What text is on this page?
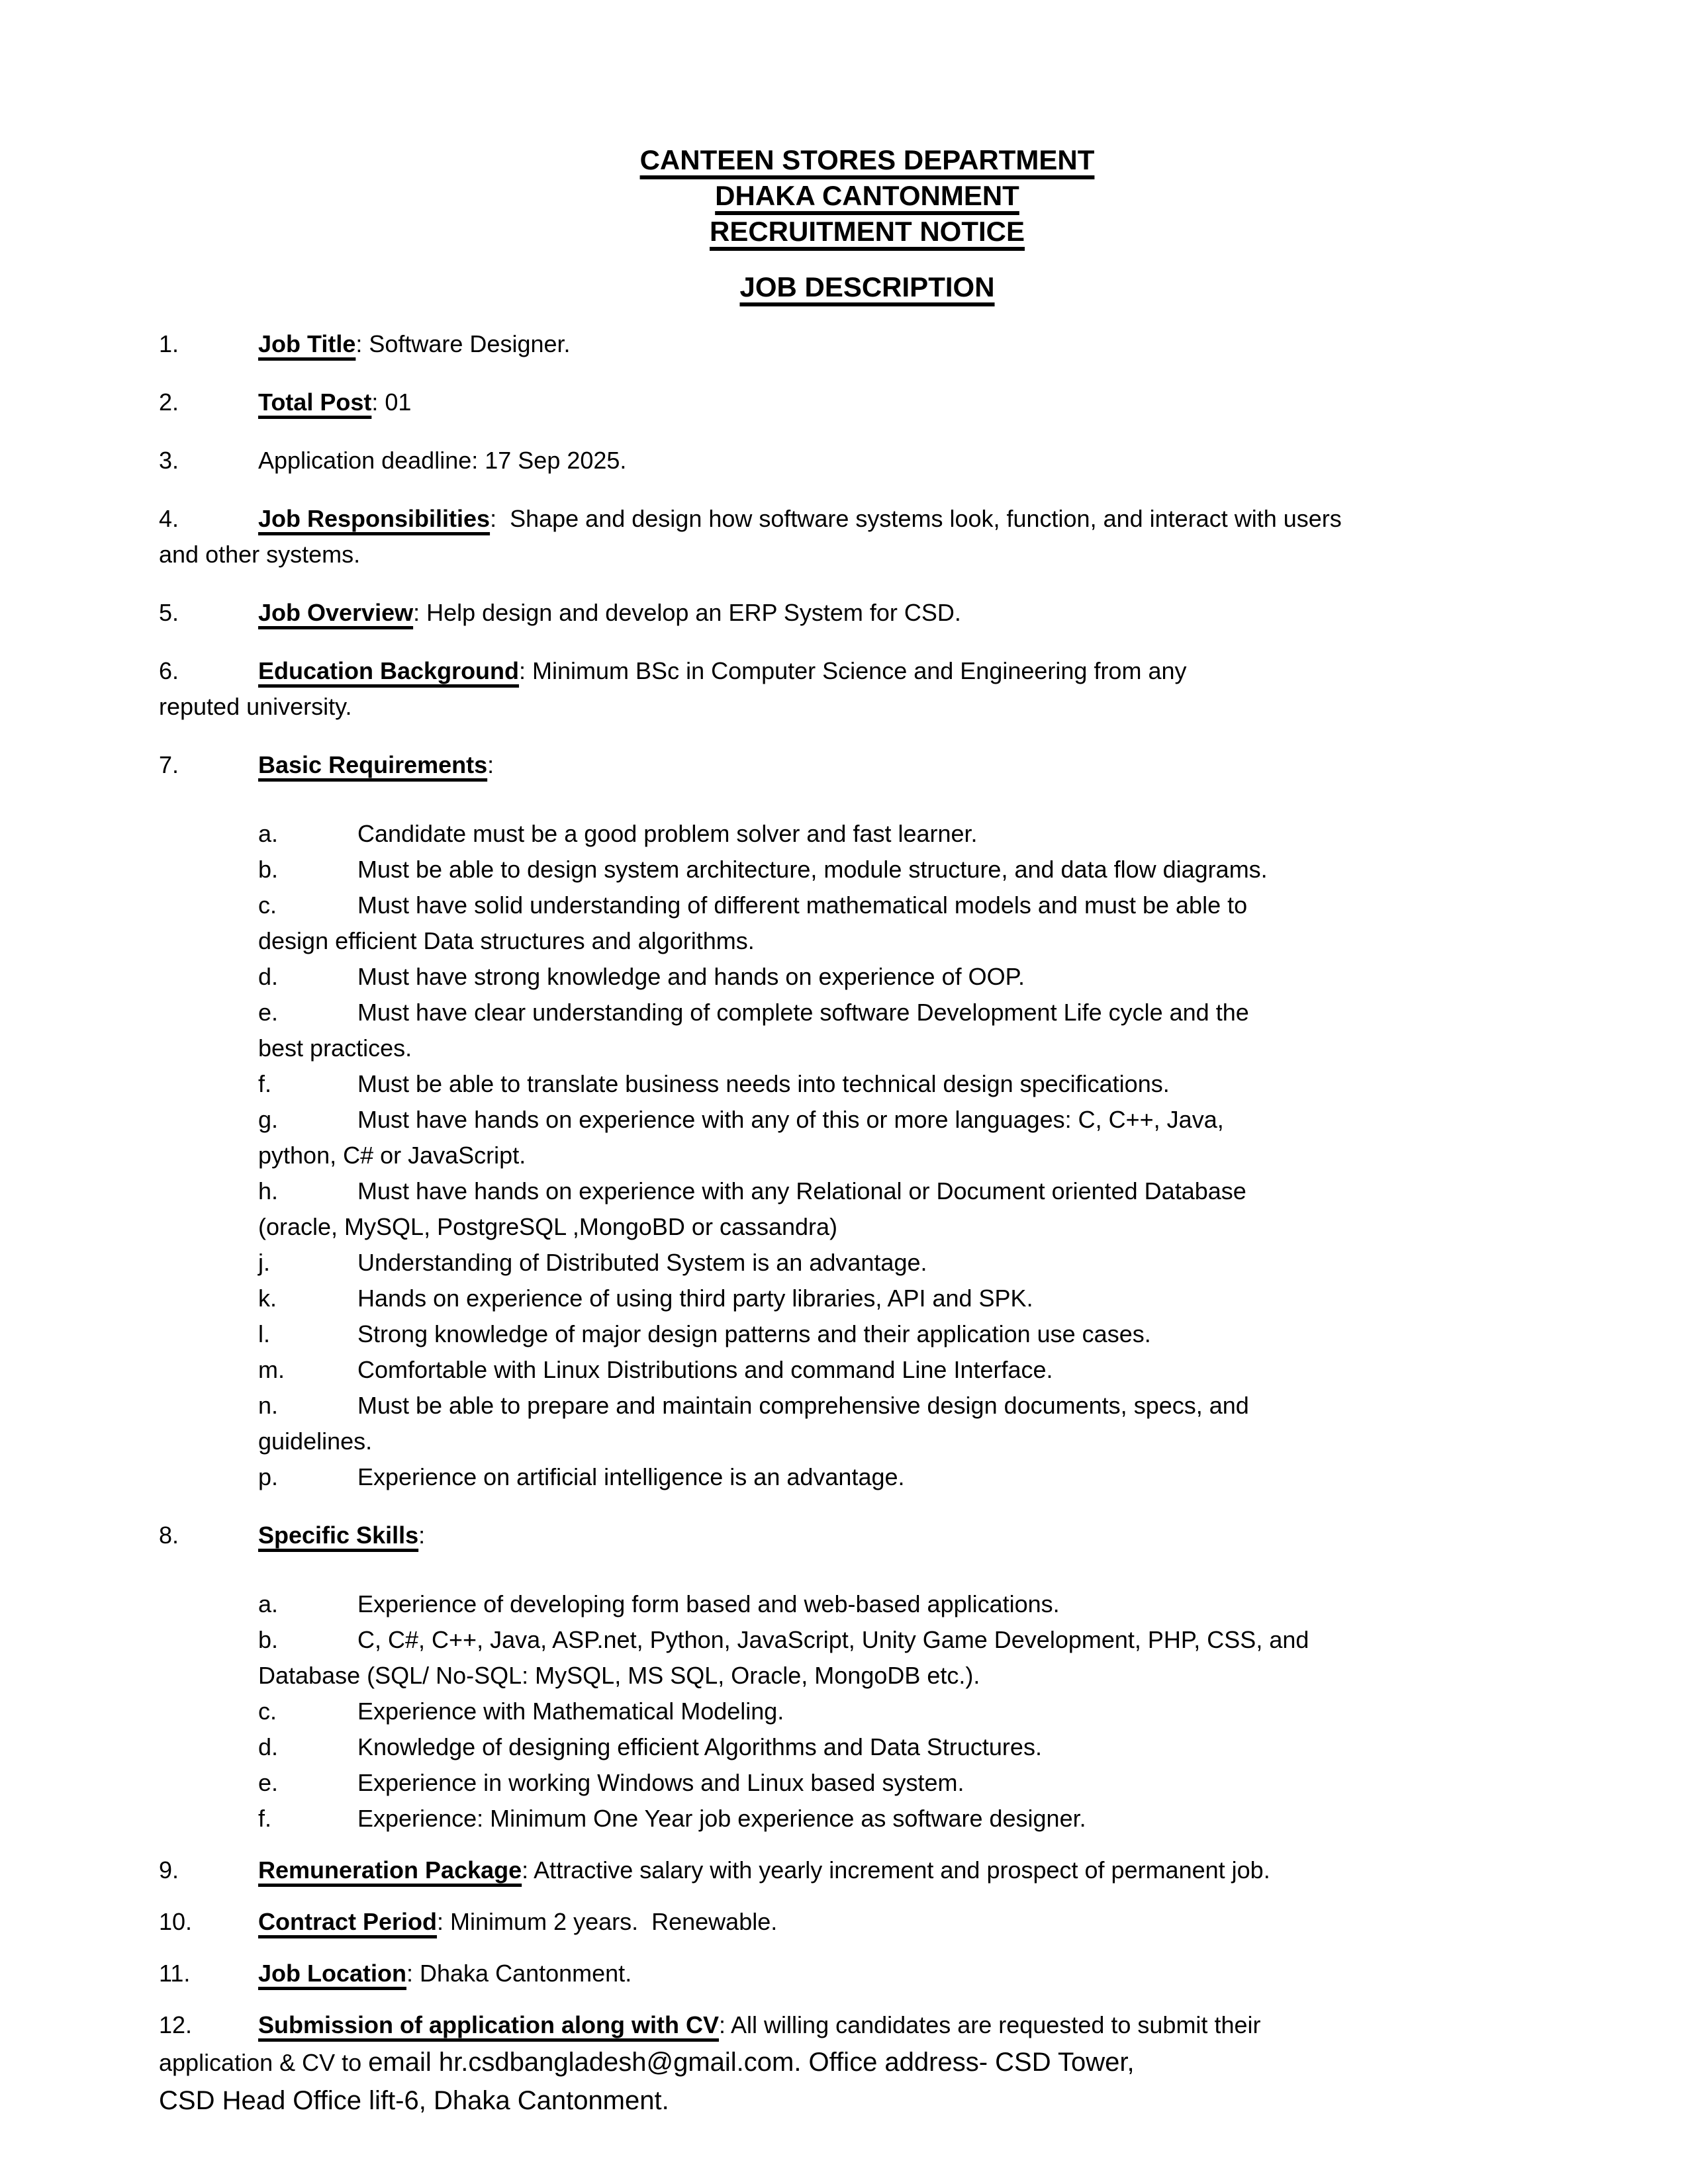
CANTEEN STORES DEPARTMENT
DHAKA CANTONMENT
RECRUITMENT NOTICE
JOB DESCRIPTION
1.	Job Title: Software Designer.
2.	Total Post: 01
3.	Application deadline: 17 Sep 2025.
4.	Job Responsibilities:  Shape and design how software systems look, function, and interact with users
and other systems.
5.	Job Overview: Help design and develop an ERP System for CSD.
6.	Education Background: Minimum BSc in Computer Science and Engineering from any
reputed university.
7.	Basic Requirements:
a.	Candidate must be a good problem solver and fast learner.
b.	Must be able to design system architecture, module structure, and data flow diagrams.
c.	Must have solid understanding of different mathematical models and must be able to
design efficient Data structures and algorithms.
d.	Must have strong knowledge and hands on experience of OOP.
e.	Must have clear understanding of complete software Development Life cycle and the
best practices.
f.	Must be able to translate business needs into technical design specifications.
g.	Must have hands on experience with any of this or more languages: C, C++, Java,
python, C# or JavaScript.
h.	Must have hands on experience with any Relational or Document oriented Database
(oracle, MySQL, PostgreSQL ,MongoBD or cassandra)
j.	Understanding of Distributed System is an advantage.
k.	Hands on experience of using third party libraries, API and SPK.
l.	Strong knowledge of major design patterns and their application use cases.
m.	Comfortable with Linux Distributions and command Line Interface.
n.	Must be able to prepare and maintain comprehensive design documents, specs, and
guidelines.
p.	Experience on artificial intelligence is an advantage.
8.	Specific Skills:
a.	Experience of developing form based and web-based applications.
b.	C, C#, C++, Java, ASP.net, Python, JavaScript, Unity Game Development, PHP, CSS, and
Database (SQL/ No-SQL: MySQL, MS SQL, Oracle, MongoDB etc.).
c.	Experience with Mathematical Modeling.
d.	Knowledge of designing efficient Algorithms and Data Structures.
e.	Experience in working Windows and Linux based system.
f.	Experience: Minimum One Year job experience as software designer.
9.	Remuneration Package: Attractive salary with yearly increment and prospect of permanent job.
10.	Contract Period: Minimum 2 years.  Renewable.
11.	Job Location: Dhaka Cantonment.
12.	Submission of application along with CV: All willing candidates are requested to submit their
application & CV to email hr.csdbangladesh@gmail.com. Office address- CSD Tower,
CSD Head Office lift-6, Dhaka Cantonment.
